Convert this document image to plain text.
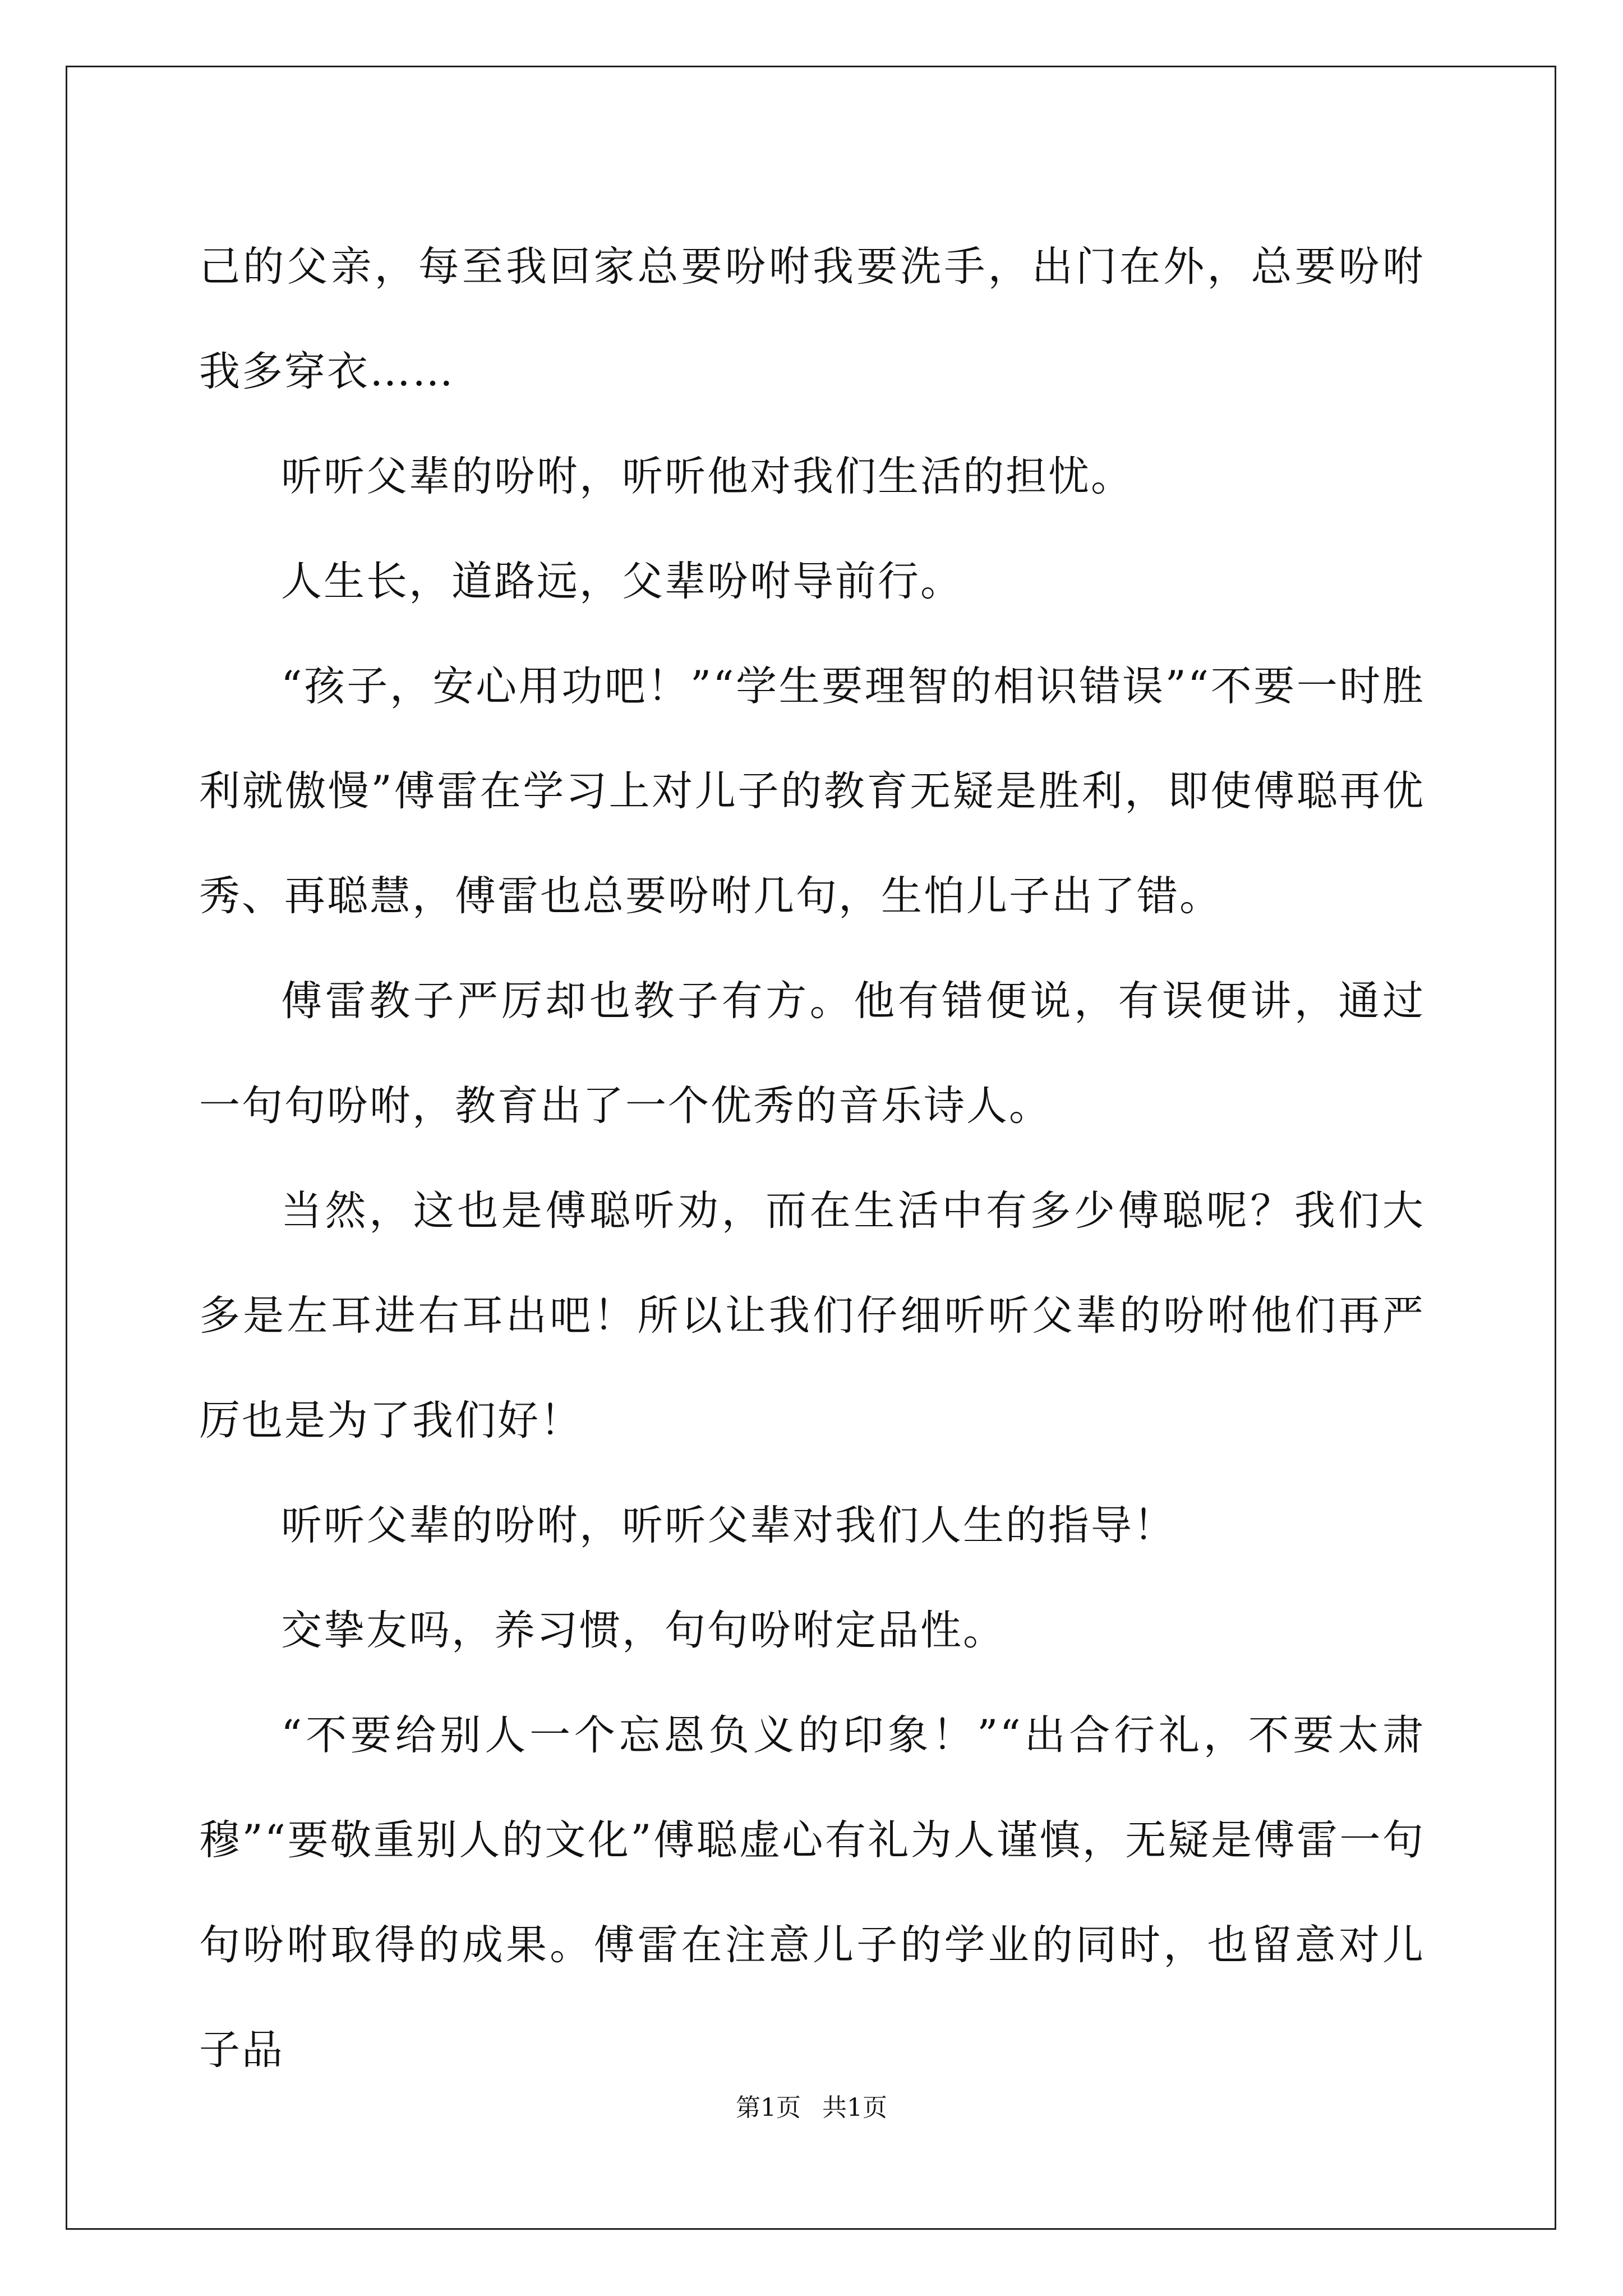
己的父亲，每至我回家总要吩咐我要洗手，出门在外，总要吩咐我多穿衣……

听听父辈的吩咐，听听他对我们生活的担忧。

人生长，道路远，父辈吩咐导前行。

“孩子，安心用功吧！”“学生要理智的相识错误”“不要一时胜利就傲慢”傅雷在学习上对儿子的教育无疑是胜利，即使傅聪再优秀、再聪慧，傅雷也总要吩咐几句，生怕儿子出了错。

傅雷教子严厉却也教子有方。他有错便说，有误便讲，通过一句句吩咐，教育出了一个优秀的音乐诗人。

当然，这也是傅聪听劝，而在生活中有多少傅聪呢？我们大多是左耳进右耳出吧！所以让我们仔细听听父辈的吩咐他们再严厉也是为了我们好！

听听父辈的吩咐，听听父辈对我们人生的指导！

交挚友吗，养习惯，句句吩咐定品性。

“不要给别人一个忘恩负义的印象！”“出合行礼，不要太肃穆”“要敬重别人的文化”傅聪虚心有礼为人谨慎，无疑是傅雷一句句吩咐取得的成果。傅雷在注意儿子的学业的同时，也留意对儿子品

第1页 共1页
